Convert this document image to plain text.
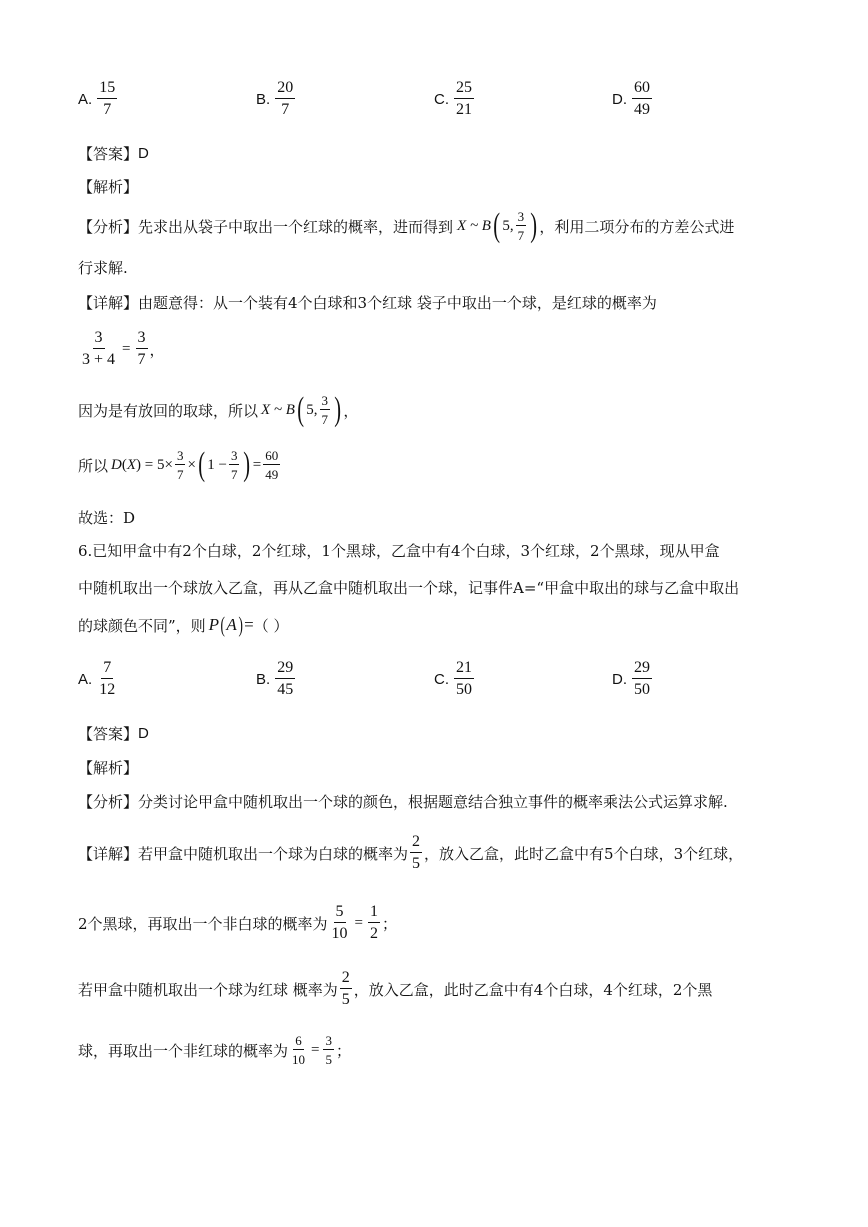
A. $\frac{15}{7}$	B. $\frac{20}{7}$	C. $\frac{25}{21}$	D. $\frac{60}{49}$
【答案】 D
【解析】
【分析】 先求出从袋子中取出一个红球的概率，进而得到 X ~ B ( 5, $\frac{3}{7}$ ) ，利用二项分布的方差公式进
行求解.
【详解】 由题意得：从一个装有4个白球和3个红球 袋子中取出一个球，是红球的概率为
$\frac{3}{3 + 4} = \frac{3}{7}$ ，
因为是有放回的取球，所以 X ~ B ( 5, $\frac{3}{7}$ ) ，
所以 D ( X ) = $5\times \frac{3}{7}$ × ( $1 - \frac{3}{7}$ ) = $\frac{60}{49}$
故选：D
6.已知甲盒中有2个白球，2个红球，1个黑球，乙盒中有4个白球，3个红球，2个黑球，现从甲盒
中随机取出一个球放入乙盒，再从乙盒中随机取出一个球，记事件A=“甲盒中取出的球与乙盒中取出
的球颜色不同”，则 P ( A ) = （ ）
A. $\frac{7}{12}$	B. $\frac{29}{45}$	C. $\frac{21}{50}$	D. $\frac{29}{50}$
【答案】 D
【解析】
【分析】 分类讨论甲盒中随机取出一个球的颜色，根据题意结合独立事件的概率乘法公式运算求解.
【详解】 若甲盒中随机取出一个球为白球的概率为 $\frac{2}{5}$ ，放入乙盒，此时乙盒中有5个白球，3个红球，
2个黑球，再取出一个非白球的概率为 $\frac{5}{10} = \frac{1}{2}$ ；
若甲盒中随机取出一个球为红球 概率为 $\frac{2}{5}$ ，放入乙盒，此时乙盒中有4个白球，4个红球，2个黑
球，再取出一个非红球的概率为 $\frac{6}{10} = \frac{3}{5}$ ；
